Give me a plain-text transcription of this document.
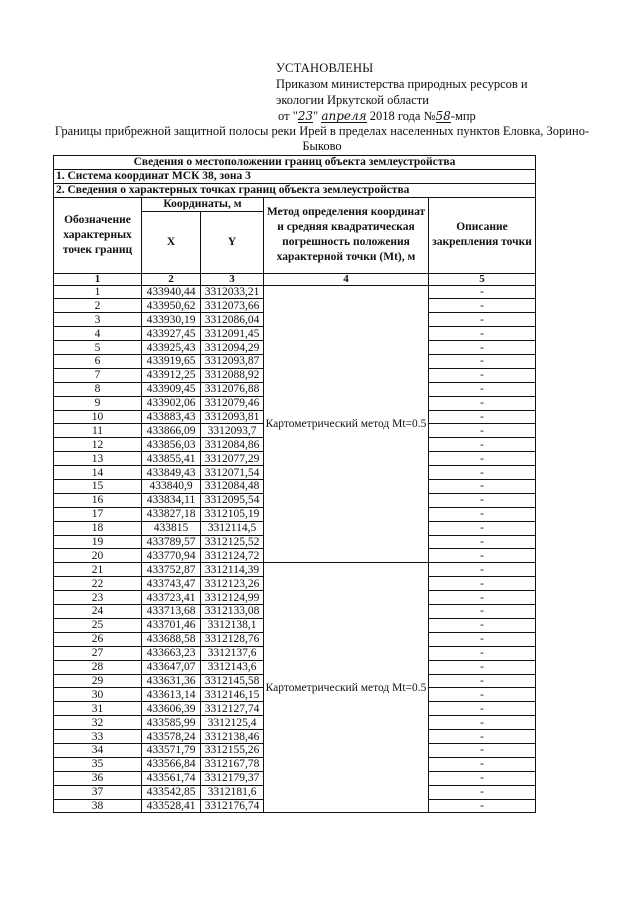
УСТАНОВЛЕНЫ
Приказом министерства природных ресурсов и
экологии Иркутской области
от "23" апреля 2018 года №58-мпр
Границы прибрежной защитной полосы реки Ирей в пределах населенных пунктов Еловка, Зорино-
Быково
Сведения о местоположении границ объекта землеустройства				
1. Система координат МСК 38, зона 3				
2. Сведения о характерных точках границ объекта землеустройства				
Обозначение характерных точек границ	Координаты, м		Метод определения координат и средняя квадратическая погрешность положения характерной точки (Mt), м	Описание закрепления точки
	X	Y		
1	2	3	4	5
1	433940,44	3312033,21	Картометрический метод Mt=0.5	-
2	433950,62	3312073,66		-
3	433930,19	3312086,04		-
4	433927,45	3312091,45		-
5	433925,43	3312094,29		-
6	433919,65	3312093,87		-
7	433912,25	3312088,92		-
8	433909,45	3312076,88		-
9	433902,06	3312079,46		-
10	433883,43	3312093,81		-
11	433866,09	3312093,7		-
12	433856,03	3312084,86		-
13	433855,41	3312077,29		-
14	433849,43	3312071,54		-
15	433840,9	3312084,48		-
16	433834,11	3312095,54		-
17	433827,18	3312105,19		-
18	433815	3312114,5		-
19	433789,57	3312125,52		-
20	433770,94	3312124,72		-
21	433752,87	3312114,39	Картометрический метод Mt=0.5	-
22	433743,47	3312123,26		-
23	433723,41	3312124,99		-
24	433713,68	3312133,08		-
25	433701,46	3312138,1		-
26	433688,58	3312128,76		-
27	433663,23	3312137,6		-
28	433647,07	3312143,6		-
29	433631,36	3312145,58		-
30	433613,14	3312146,15		-
31	433606,39	3312127,74		-
32	433585,99	3312125,4		-
33	433578,24	3312138,46		-
34	433571,79	3312155,26		-
35	433566,84	3312167,78		-
36	433561,74	3312179,37		-
37	433542,85	3312181,6		-
38	433528,41	3312176,74		-
